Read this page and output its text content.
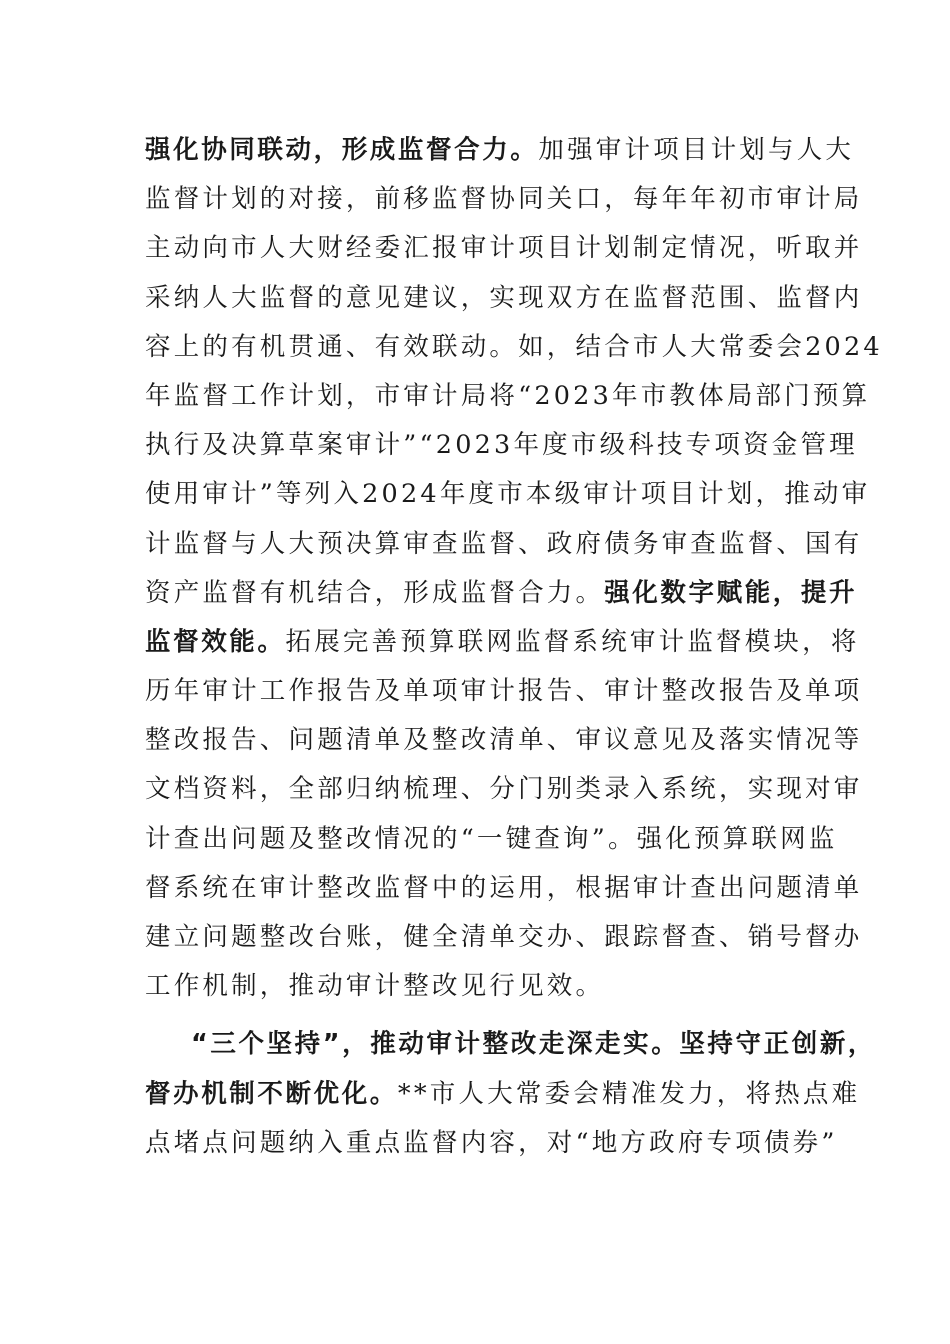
强化协同联动，形成监督合力。加强审计项目计划与人大
监督计划的对接，前移监督协同关口，每年年初市审计局
主动向市人大财经委汇报审计项目计划制定情况，听取并
采纳人大监督的意见建议，实现双方在监督范围、监督内
容上的有机贯通、有效联动。如，结合市人大常委会2024
年监督工作计划，市审计局将“2023年市教体局部门预算
执行及决算草案审计”“2023年度市级科技专项资金管理
使用审计”等列入2024年度市本级审计项目计划，推动审
计监督与人大预决算审查监督、政府债务审查监督、国有
资产监督有机结合，形成监督合力。强化数字赋能，提升
监督效能。拓展完善预算联网监督系统审计监督模块，将
历年审计工作报告及单项审计报告、审计整改报告及单项
整改报告、问题清单及整改清单、审议意见及落实情况等
文档资料，全部归纳梳理、分门别类录入系统，实现对审
计查出问题及整改情况的“一键查询”。强化预算联网监
督系统在审计整改监督中的运用，根据审计查出问题清单
建立问题整改台账，健全清单交办、跟踪督查、销号督办
工作机制，推动审计整改见行见效。
“三个坚持”，推动审计整改走深走实。坚持守正创新，
督办机制不断优化。**市人大常委会精准发力，将热点难
点堵点问题纳入重点监督内容，对“地方政府专项债券”
